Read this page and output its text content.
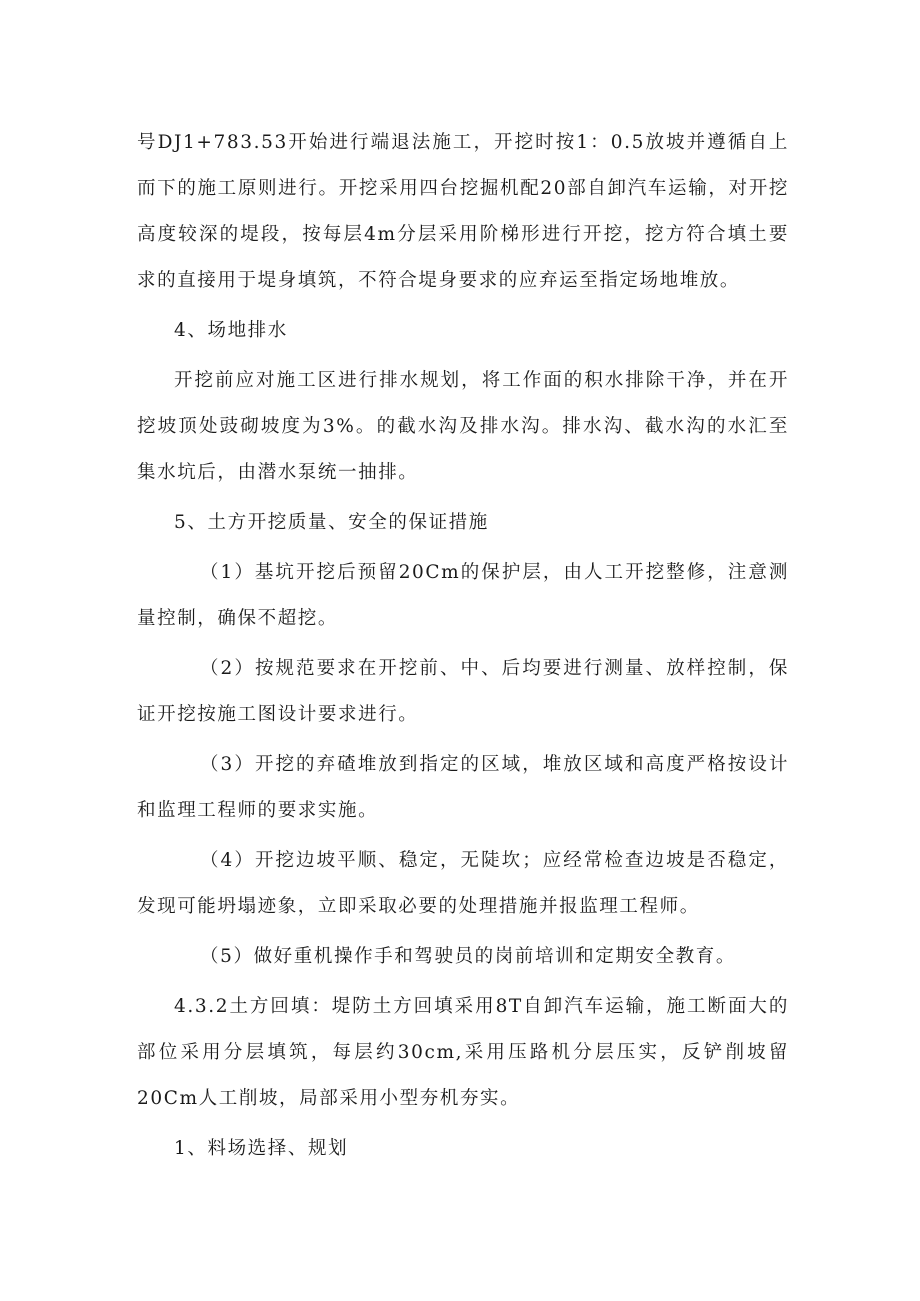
号DJ1+783.53开始进行端退法施工，开挖时按1：0.5放坡并遵循自上而下的施工原则进行。开挖采用四台挖掘机配20部自卸汽车运输，对开挖高度较深的堤段，按每层4m分层采用阶梯形进行开挖，挖方符合填土要求的直接用于堤身填筑，不符合堤身要求的应弃运至指定场地堆放。

4、场地排水

开挖前应对施工区进行排水规划，将工作面的积水排除干净，并在开挖坡顶处豉砌坡度为3%。的截水沟及排水沟。排水沟、截水沟的水汇至集水坑后，由潜水泵统一抽排。

5、土方开挖质量、安全的保证措施

（1）基坑开挖后预留20Cm的保护层，由人工开挖整修，注意测量控制，确保不超挖。

（2）按规范要求在开挖前、中、后均要进行测量、放样控制，保证开挖按施工图设计要求进行。

（3）开挖的弃碴堆放到指定的区域，堆放区域和高度严格按设计和监理工程师的要求实施。

（4）开挖边坡平顺、稳定，无陡坎；应经常检查边坡是否稳定，发现可能坍塌迹象，立即采取必要的处理措施并报监理工程师。

（5）做好重机操作手和驾驶员的岗前培训和定期安全教育。

4.3.2土方回填：堤防土方回填采用8T自卸汽车运输，施工断面大的部位采用分层填筑，每层约30cm,采用压路机分层压实，反铲削坡留20Cm人工削坡，局部采用小型夯机夯实。

1、料场选择、规划
